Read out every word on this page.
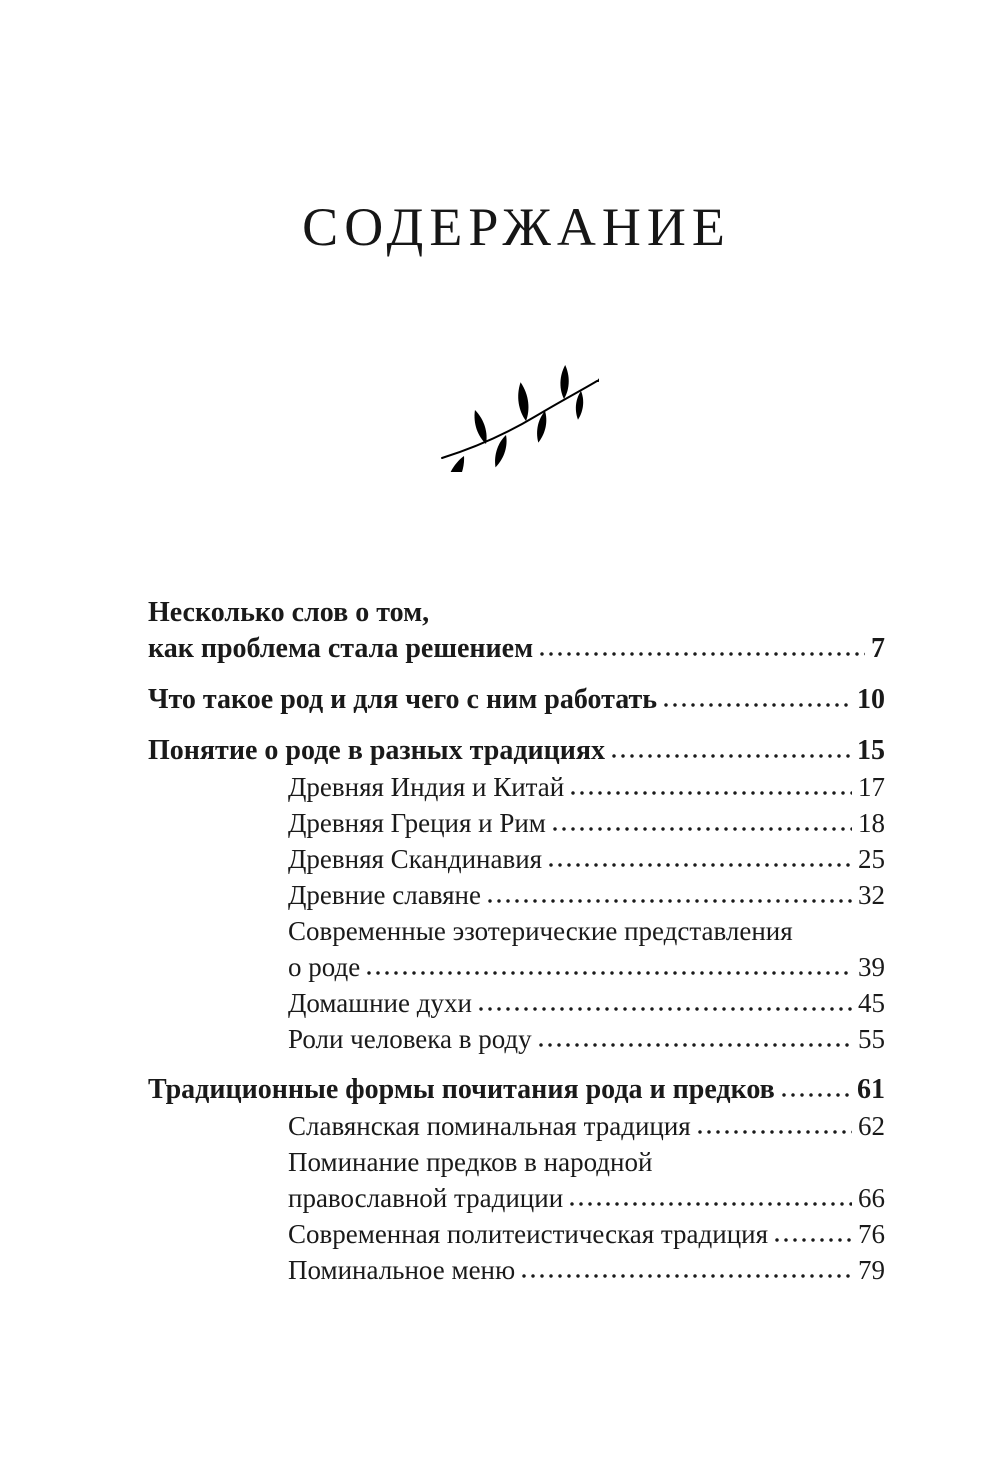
СОДЕРЖАНИЕ
Несколько слов о том,
как проблема стала решением	7
Что такое род и для чего с ним работать	10
Понятие о роде в разных традициях	15
Древняя Индия и Китай	17
Древняя Греция и Рим	18
Древняя Скандинавия	25
Древние славяне	32
Современные эзотерические представления
о роде	39
Домашние духи	45
Роли человека в роду	55
Традиционные формы почитания рода и предков	61
Славянская поминальная традиция	62
Поминание предков в народной
православной традиции	66
Современная политеистическая традиция	76
Поминальное меню	79
